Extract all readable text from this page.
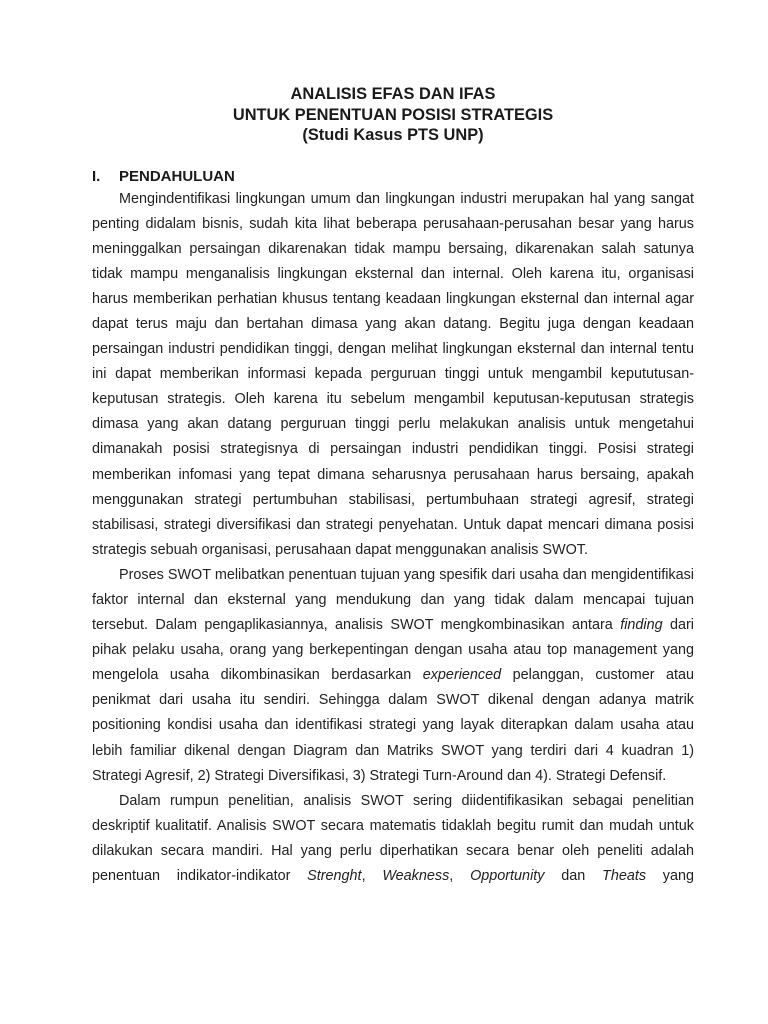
ANALISIS EFAS DAN IFAS
UNTUK PENENTUAN POSISI STRATEGIS
(Studi Kasus PTS UNP)
I.	PENDAHULUAN

Mengindentifikasi lingkungan umum dan lingkungan industri merupakan hal yang sangat penting didalam bisnis, sudah kita lihat beberapa perusahaan-perusahan besar yang harus meninggalkan persaingan dikarenakan tidak mampu bersaing, dikarenakan salah satunya tidak mampu menganalisis lingkungan eksternal dan internal. Oleh karena itu, organisasi harus memberikan perhatian khusus tentang keadaan lingkungan eksternal dan internal agar dapat terus maju dan bertahan dimasa yang akan datang. Begitu juga dengan keadaan persaingan industri pendidikan tinggi, dengan melihat lingkungan eksternal dan internal tentu ini dapat memberikan informasi kepada perguruan tinggi untuk mengambil kepututusan-keputusan strategis. Oleh karena itu sebelum mengambil keputusan-keputusan strategis dimasa yang akan datang perguruan tinggi perlu melakukan analisis untuk mengetahui dimanakah posisi strategisnya di persaingan industri pendidikan tinggi. Posisi strategi memberikan infomasi yang tepat dimana seharusnya perusahaan harus bersaing, apakah menggunakan strategi pertumbuhan stabilisasi, pertumbuhaan strategi agresif, strategi stabilisasi, strategi diversifikasi dan strategi penyehatan. Untuk dapat mencari dimana posisi strategis sebuah organisasi, perusahaan dapat menggunakan analisis SWOT.

Proses SWOT melibatkan penentuan tujuan yang spesifik dari usaha dan mengidentifikasi faktor internal dan eksternal yang mendukung dan yang tidak dalam mencapai tujuan tersebut. Dalam pengaplikasiannya, analisis SWOT mengkombinasikan antara finding dari pihak pelaku usaha, orang yang berkepentingan dengan usaha atau top management yang mengelola usaha dikombinasikan berdasarkan experienced pelanggan, customer atau penikmat dari usaha itu sendiri. Sehingga dalam SWOT dikenal dengan adanya matrik positioning kondisi usaha dan identifikasi strategi yang layak diterapkan dalam usaha atau lebih familiar dikenal dengan Diagram dan Matriks SWOT yang terdiri dari 4 kuadran 1) Strategi Agresif, 2) Strategi Diversifikasi, 3) Strategi Turn-Around dan 4). Strategi Defensif.

Dalam rumpun penelitian, analisis SWOT sering diidentifikasikan sebagai penelitian deskriptif kualitatif. Analisis SWOT secara matematis tidaklah begitu rumit dan mudah untuk dilakukan secara mandiri. Hal yang perlu diperhatikan secara benar oleh peneliti adalah penentuan indikator-indikator Strenght, Weakness, Opportunity dan Theats yang
